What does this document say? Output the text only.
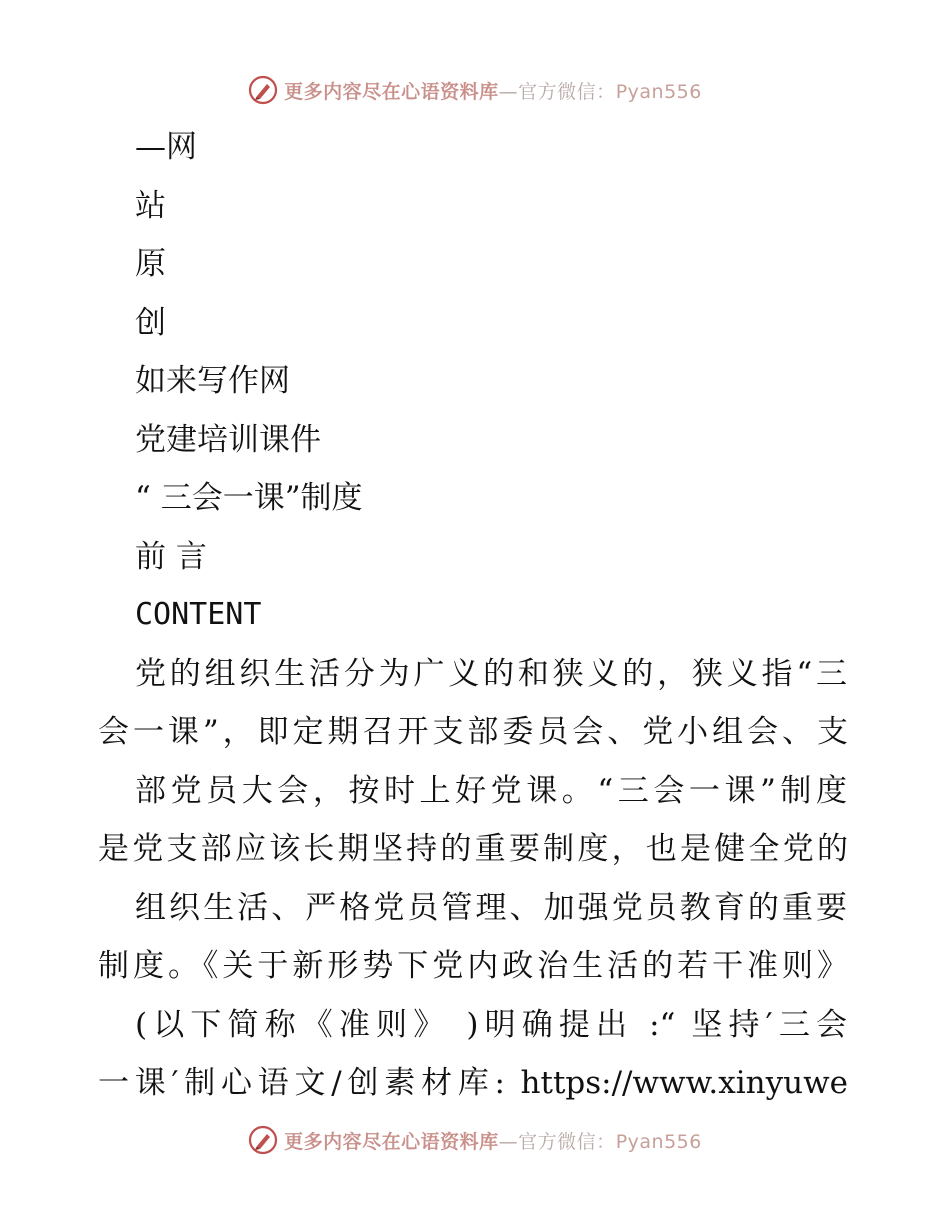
更多内容尽在心语资料库—官方微信：Pyan556
—网
站
原
创
如来写作网
党建培训课件
“ 三会一课”制度
前 言
CONTENT
党的组织生活分为广义的和狭义的，狭义指“三
会一课”，即定期召开支部委员会、党小组会、支
部党员大会，按时上好党课。“三会一课”制度
是党支部应该长期坚持的重要制度，也是健全党的
组织生活、严格党员管理、加强党员教育的重要
制度。《关于新形势下党内政治生活的若干准则》
(以下简称《准则》 )明确提出 :“ 坚持′三会
一课′制心语文/创素材库: https://www.xinyuwe
更多内容尽在心语资料库—官方微信：Pyan556
